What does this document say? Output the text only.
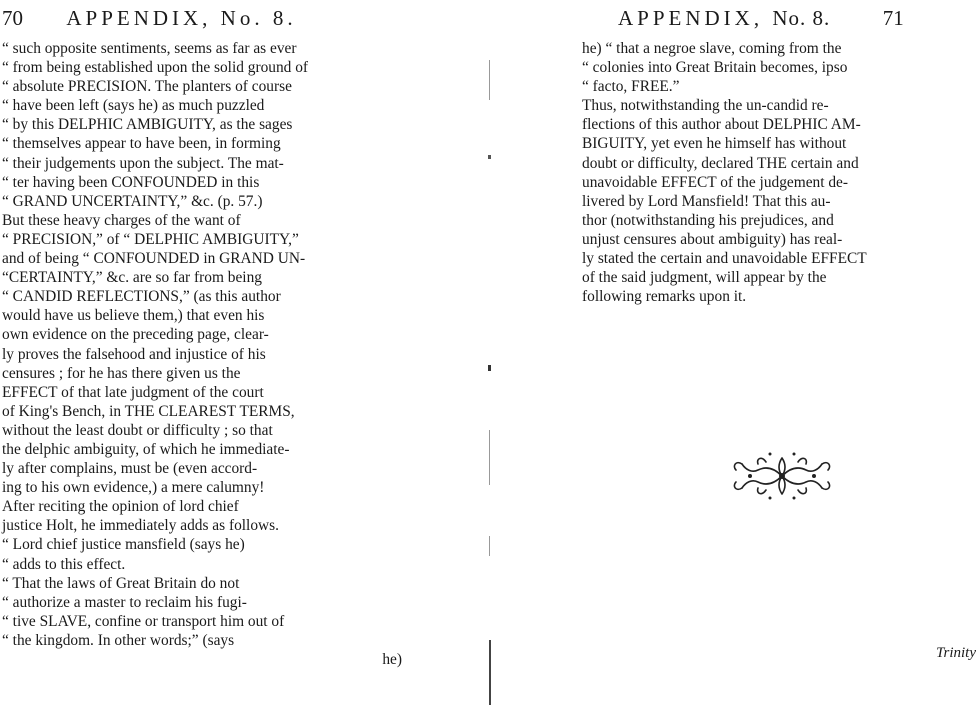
70 APPENDIX, No. 8.
“ such opposite sentiments, seems as far as ever
“ from being established upon the solid ground of
“ absolute PRECISION. The planters of course
“ have been left (says he) as much puzzled
“ by this DELPHIC AMBIGUITY, as the sages
“ themselves appear to have been, in forming
“ their judgements upon the subject. The mat-
“ ter having been CONFOUNDED in this
“ GRAND UNCERTAINTY,” &c. (p. 57.)
But these heavy charges of the want of
“ PRECISION,” of “ DELPHIC AMBIGUITY,”
and of being “ CONFOUNDED in GRAND UN-
“CERTAINTY,” &c. are so far from being
“ CANDID REFLECTIONS,” (as this author
would have us believe them,) that even his
own evidence on the preceding page, clear-
ly proves the falsehood and injustice of his
censures ; for he has there given us the
EFFECT of that late judgment of the court
of King's Bench, in THE CLEAREST TERMS,
without the least doubt or difficulty ; so that
the delphic ambiguity, of which he immediate-
ly after complains, must be (even accord-
ing to his own evidence,) a mere calumny!
After reciting the opinion of lord chief
justice Holt, he immediately adds as follows.
“ Lord chief justice mansfield (says he)
“ adds to this effect.
“ That the laws of Great Britain do not
“ authorize a master to reclaim his fugi-
“ tive SLAVE, confine or transport him out of
“ the kingdom. In other words;” (says
he)
APPENDIX, No. 8.	71
he) “ that a negroe slave, coming from the
“ colonies into Great Britain becomes, ipso
“ facto, FREE.”
Thus, notwithstanding the un-candid re-
flections of this author about DELPHIC AM-
BIGUITY, yet even he himself has without
doubt or difficulty, declared THE certain and
unavoidable EFFECT of the judgement de-
livered by Lord Mansfield! That this au-
thor (notwithstanding his prejudices, and
unjust censures about ambiguity) has real-
ly stated the certain and unavoidable EFFECT
of the said judgment, will appear by the
following remarks upon it.
Trinity
